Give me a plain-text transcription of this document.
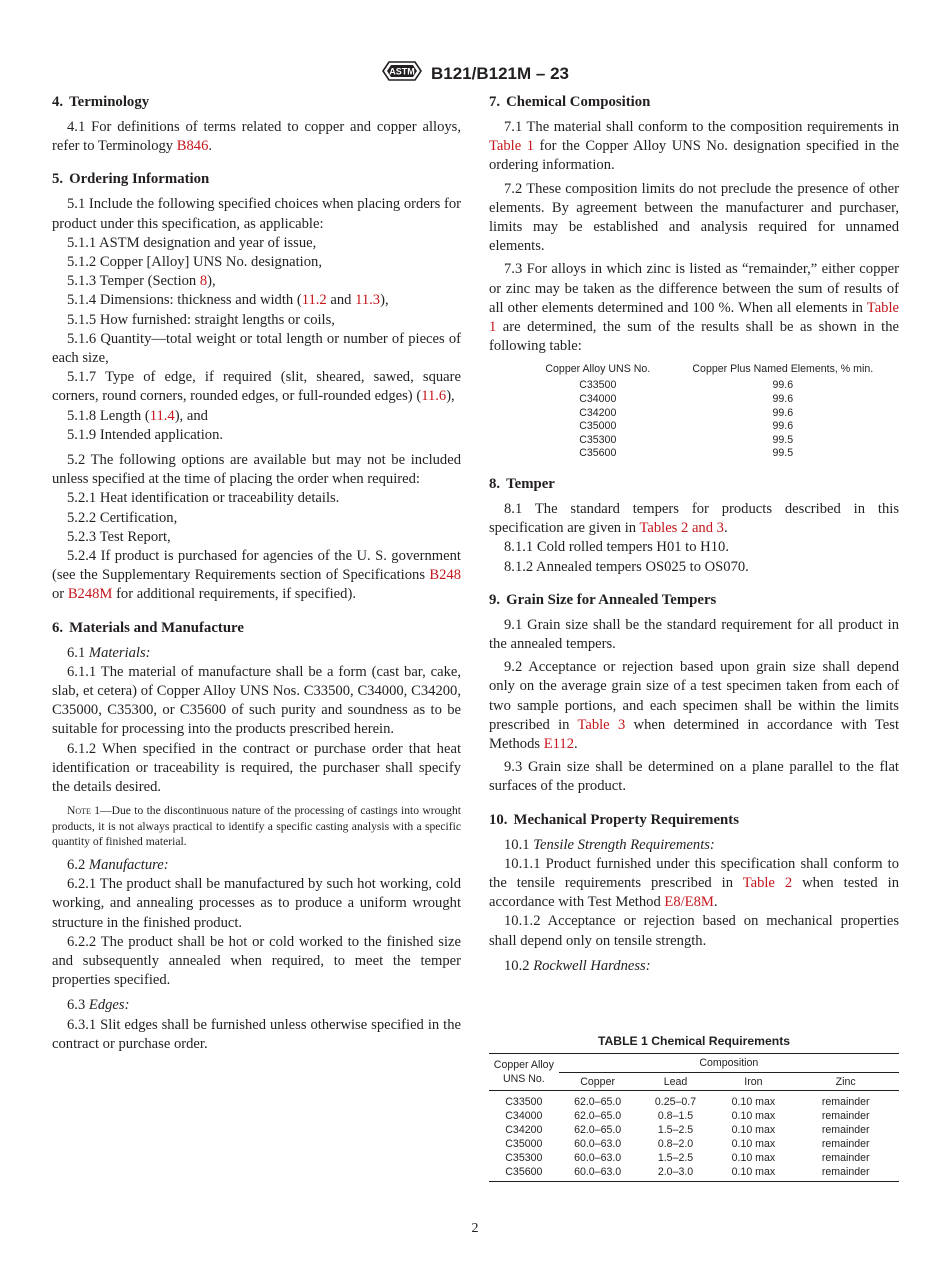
ASTM B121/B121M – 23
4. Terminology

4.1 For definitions of terms related to copper and copper alloys, refer to Terminology B846.

5. Ordering Information

5.1 Include the following specified choices when placing orders for product under this specification, as applicable:

5.1.1 ASTM designation and year of issue,

5.1.2 Copper [Alloy] UNS No. designation,

5.1.3 Temper (Section 8),

5.1.4 Dimensions: thickness and width (11.2 and 11.3),

5.1.5 How furnished: straight lengths or coils,

5.1.6 Quantity—total weight or total length or number of pieces of each size,

5.1.7 Type of edge, if required (slit, sheared, sawed, square corners, round corners, rounded edges, or full-rounded edges) (11.6),

5.1.8 Length (11.4), and

5.1.9 Intended application.

5.2 The following options are available but may not be included unless specified at the time of placing the order when required:

5.2.1 Heat identification or traceability details.

5.2.2 Certification,

5.2.3 Test Report,

5.2.4 If product is purchased for agencies of the U. S. government (see the Supplementary Requirements section of Specifications B248 or B248M for additional requirements, if specified).

6. Materials and Manufacture

6.1 Materials:

6.1.1 The material of manufacture shall be a form (cast bar, cake, slab, et cetera) of Copper Alloy UNS Nos. C33500, C34000, C34200, C35000, C35300, or C35600 of such purity and soundness as to be suitable for processing into the products prescribed herein.

6.1.2 When specified in the contract or purchase order that heat identification or traceability is required, the purchaser shall specify the details desired.

Note 1—Due to the discontinuous nature of the processing of castings into wrought products, it is not always practical to identify a specific casting analysis with a specific quantity of finished material.

6.2 Manufacture:

6.2.1 The product shall be manufactured by such hot working, cold working, and annealing processes as to produce a uniform wrought structure in the finished product.

6.2.2 The product shall be hot or cold worked to the finished size and subsequently annealed when required, to meet the temper properties specified.

6.3 Edges:

6.3.1 Slit edges shall be furnished unless otherwise specified in the contract or purchase order.

7. Chemical Composition

7.1 The material shall conform to the composition requirements in Table 1 for the Copper Alloy UNS No. designation specified in the ordering information.

7.2 These composition limits do not preclude the presence of other elements. By agreement between the manufacturer and purchaser, limits may be established and analysis required for unnamed elements.

7.3 For alloys in which zinc is listed as “remainder,” either copper or zinc may be taken as the difference between the sum of results of all other elements determined and 100 %. When all elements in Table 1 are determined, the sum of the results shall be as shown in the following table:

Copper Alloy UNS No.	Copper Plus Named Elements, % min.
C33500	99.6
C34000	99.6
C34200	99.6
C35000	99.6
C35300	99.5
C35600	99.5
8. Temper

8.1 The standard tempers for products described in this specification are given in Tables 2 and 3.

8.1.1 Cold rolled tempers H01 to H10.

8.1.2 Annealed tempers OS025 to OS070.

9. Grain Size for Annealed Tempers

9.1 Grain size shall be the standard requirement for all product in the annealed tempers.

9.2 Acceptance or rejection based upon grain size shall depend only on the average grain size of a test specimen taken from each of two sample portions, and each specimen shall be within the limits prescribed in Table 3 when determined in accordance with Test Methods E112.

9.3 Grain size shall be determined on a plane parallel to the flat surfaces of the product.

10. Mechanical Property Requirements

10.1 Tensile Strength Requirements:

10.1.1 Product furnished under this specification shall conform to the tensile requirements prescribed in Table 2 when tested in accordance with Test Method E8/E8M.

10.1.2 Acceptance or rejection based on mechanical properties shall depend only on tensile strength.

10.2 Rockwell Hardness:

TABLE 1 Chemical Requirements
Copper Alloy UNS No.	Composition			
	Copper	Lead	Iron	Zinc
C33500	62.0–65.0	0.25–0.7	0.10 max	remainder
C34000	62.0–65.0	0.8–1.5	0.10 max	remainder
C34200	62.0–65.0	1.5–2.5	0.10 max	remainder
C35000	60.0–63.0	0.8–2.0	0.10 max	remainder
C35300	60.0–63.0	1.5–2.5	0.10 max	remainder
C35600	60.0–63.0	2.0–3.0	0.10 max	remainder
2
